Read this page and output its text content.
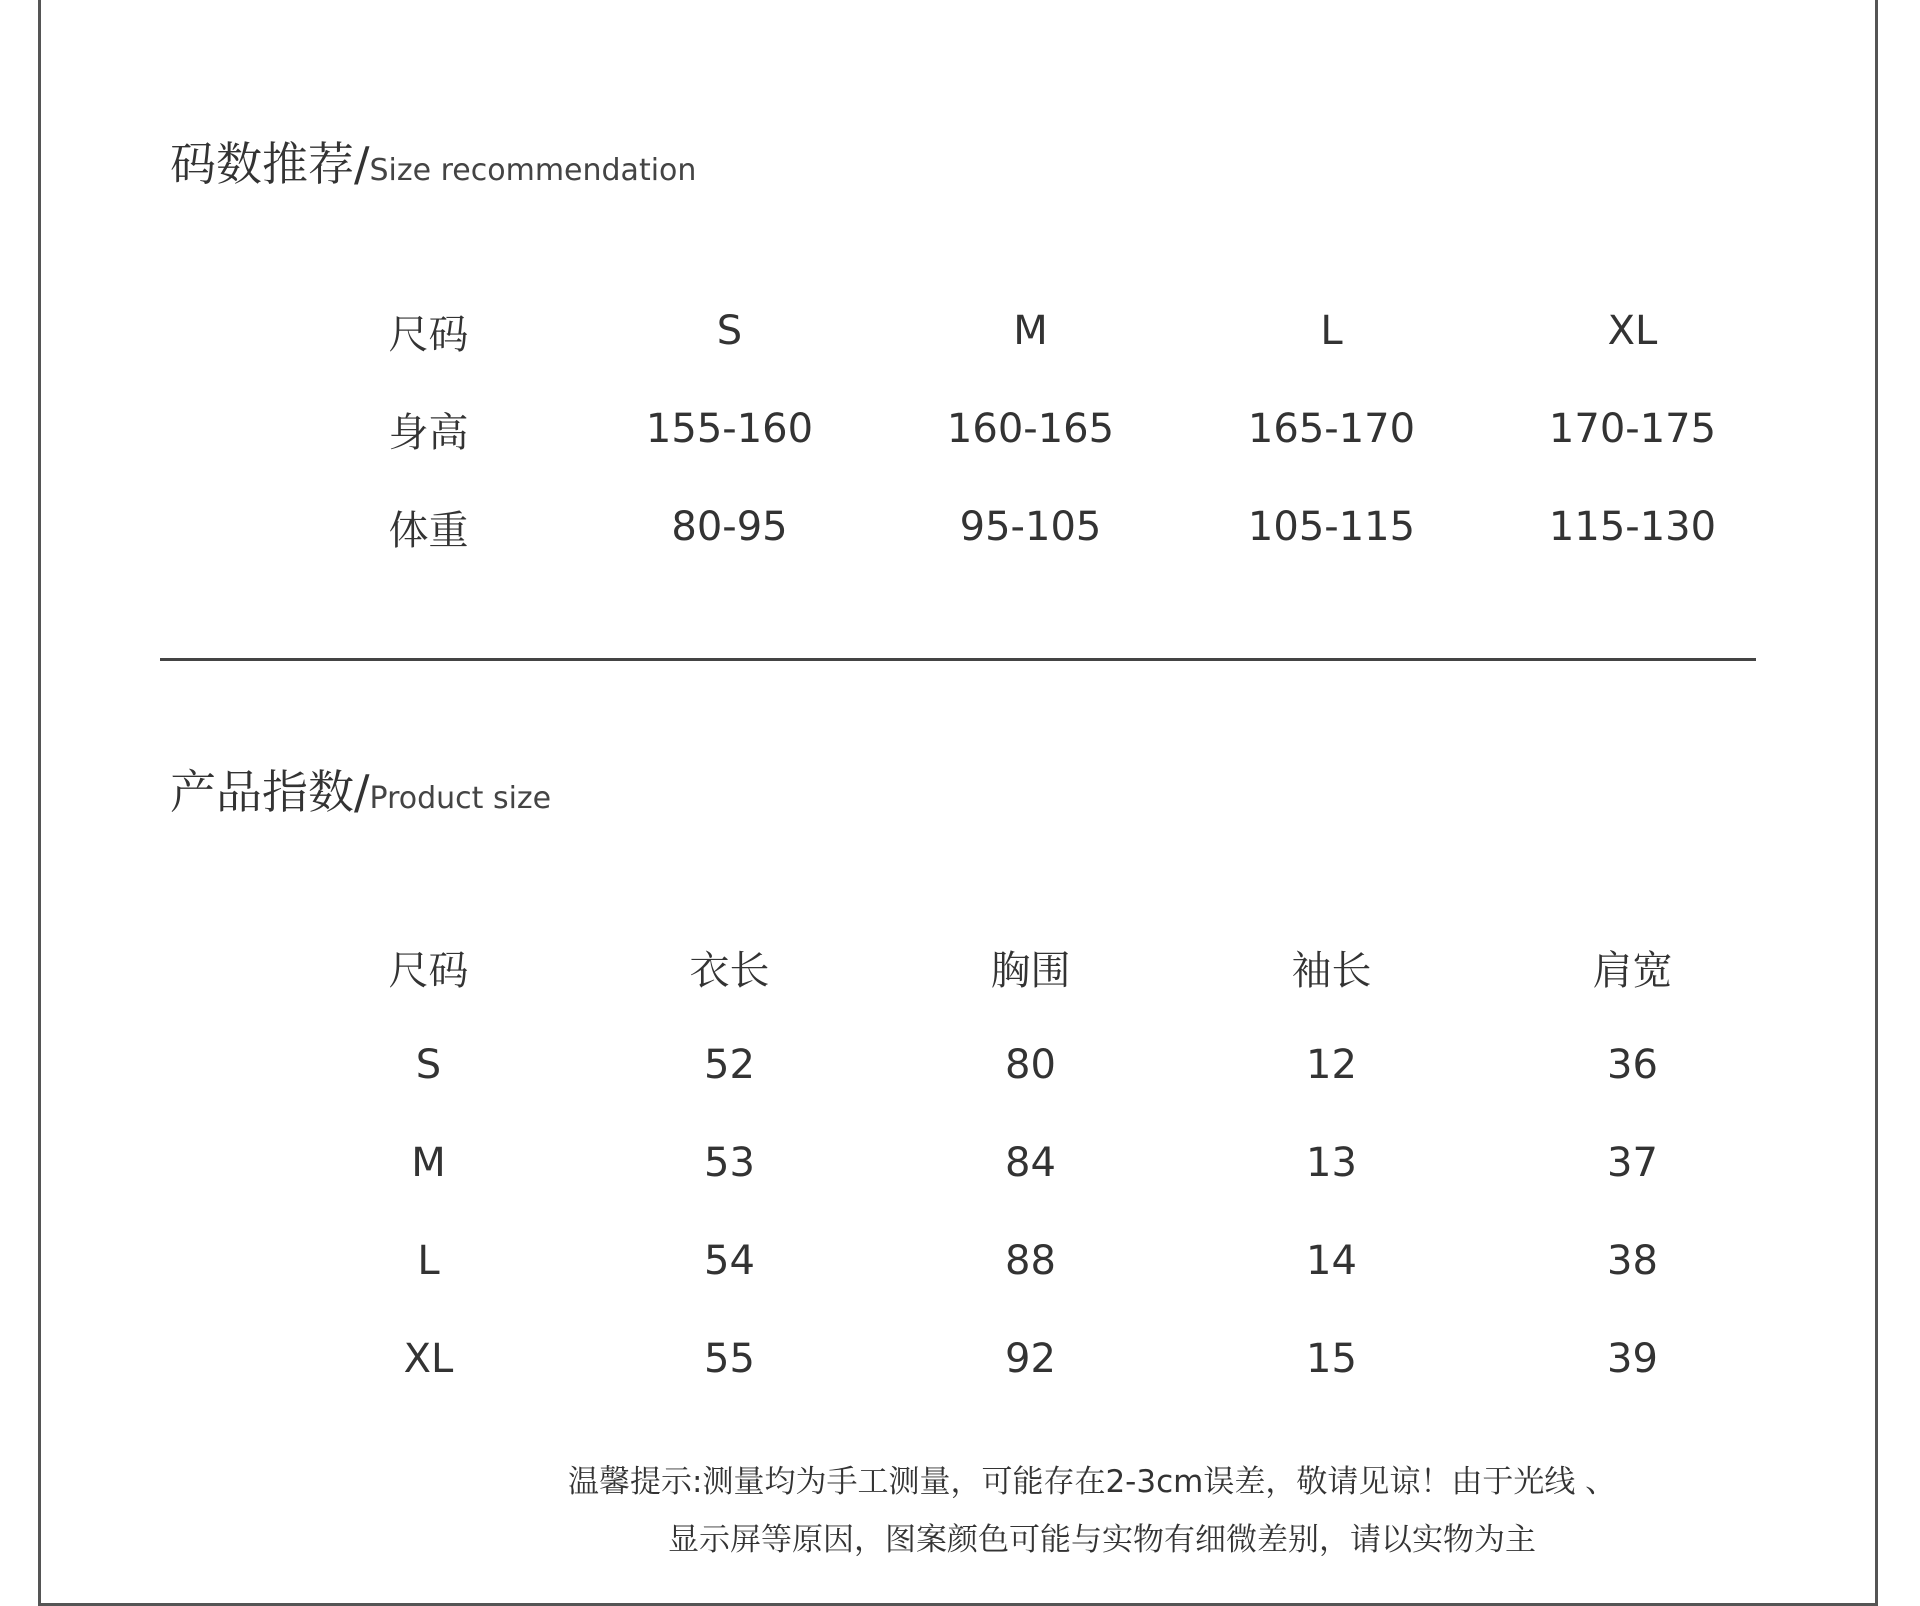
码数推荐/Size recommendation
尺码	S	M	L	XL
身高	155-160	160-165	165-170	170-175
体重	80-95	95-105	105-115	115-130
产品指数/Product size
尺码	衣长	胸围	袖长	肩宽
S	52	80	12	36
M	53	84	13	37
L	54	88	14	38
XL	55	92	15	39
温馨提示:测量均为手工测量，可能存在2-3cm误差，敬请见谅！由于光线 、
显示屏等原因，图案颜色可能与实物有细微差别，请以实物为主
